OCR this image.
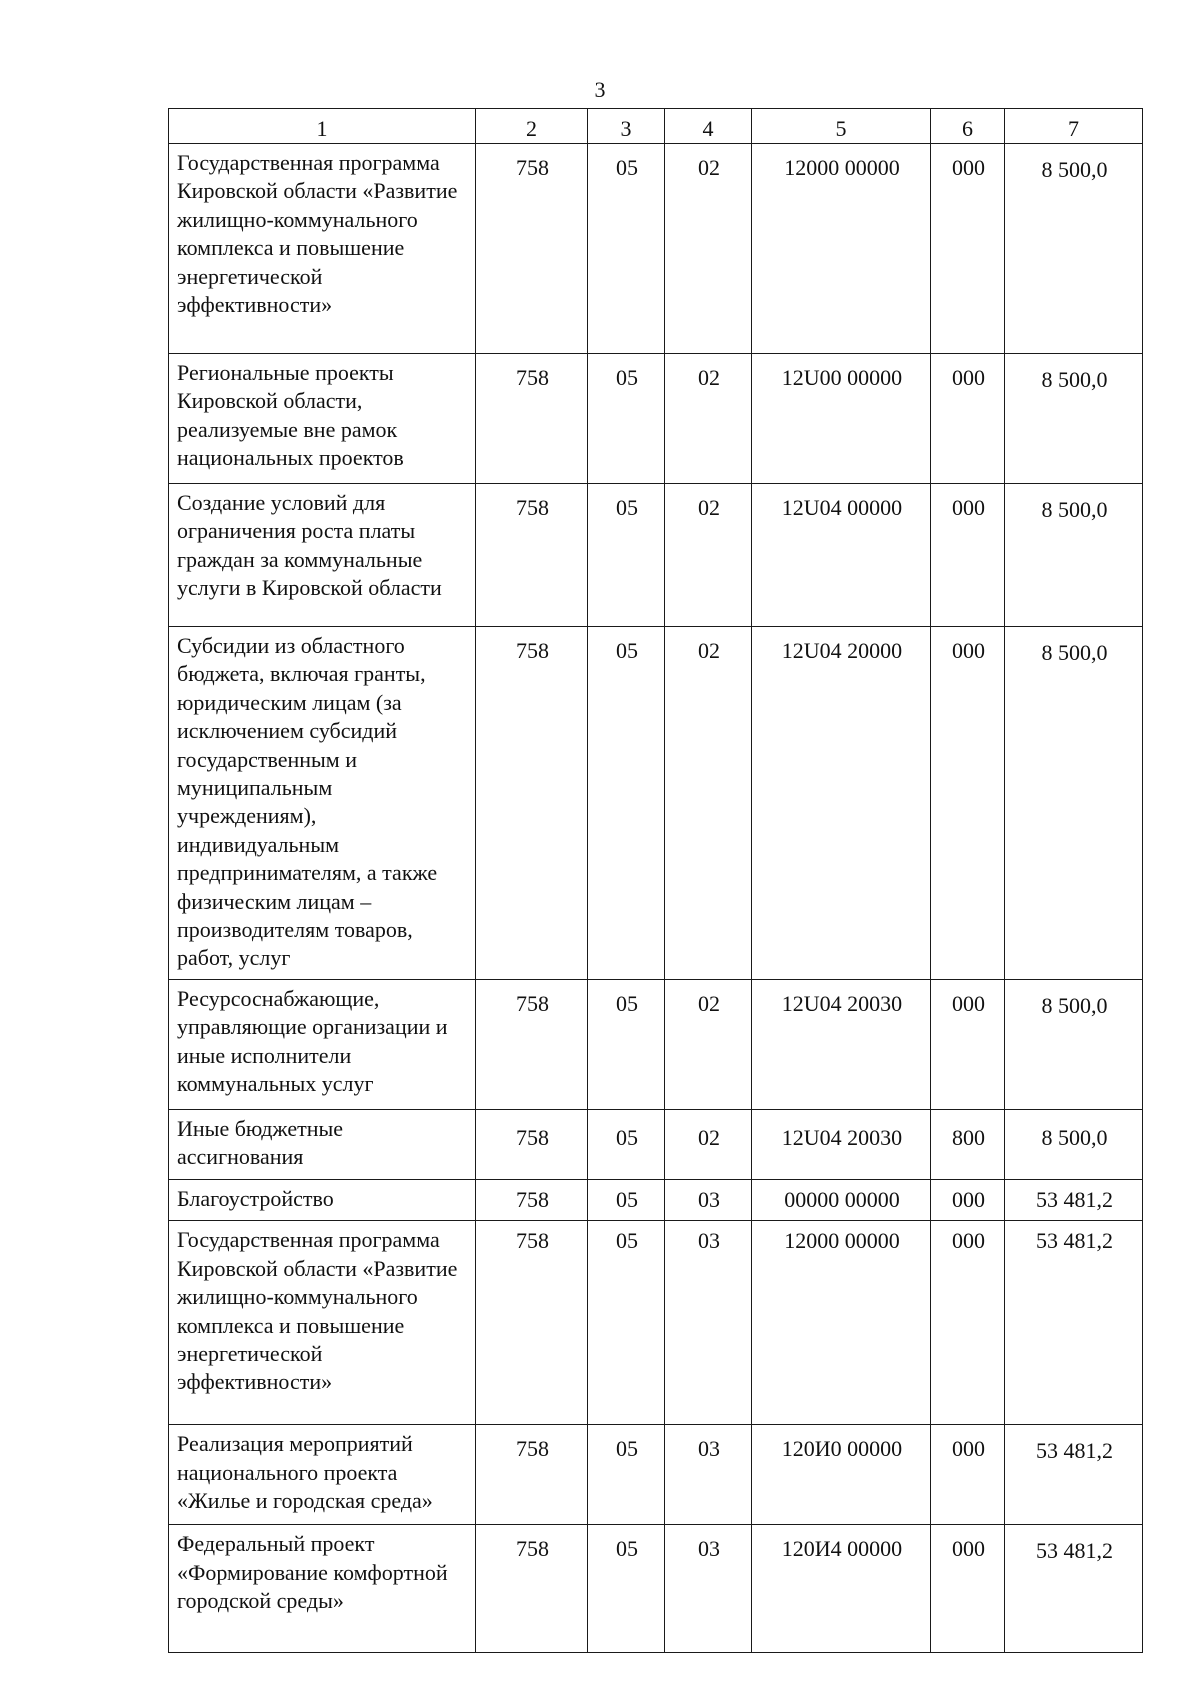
3
1	2	3	4	5	6	7
Государственная программа Кировской области «Развитие жилищно-коммунального комплекса и повышение энергетической эффективности»	758	05	02	12000 00000	000	8 500,0
Региональные проекты Кировской области, реализуемые вне рамок национальных проектов	758	05	02	12U00 00000	000	8 500,0
Создание условий для ограничения роста платы граждан за коммунальные услуги в Кировской области	758	05	02	12U04 00000	000	8 500,0
Субсидии из областного бюджета, включая гранты, юридическим лицам (за исключением субсидий государственным и муниципальным учреждениям), индивидуальным предпринимателям, а также физическим лицам – производителям товаров, работ, услуг	758	05	02	12U04 20000	000	8 500,0
Ресурсоснабжающие, управляющие организации и иные исполнители коммунальных услуг	758	05	02	12U04 20030	000	8 500,0
Иные бюджетные ассигнования	758	05	02	12U04 20030	800	8 500,0
Благоустройство	758	05	03	00000 00000	000	53 481,2
Государственная программа Кировской области «Развитие жилищно-коммунального комплекса и повышение энергетической эффективности»	758	05	03	12000 00000	000	53 481,2
Реализация мероприятий национального проекта «Жилье и городская среда»	758	05	03	120И0 00000	000	53 481,2
Федеральный проект «Формирование комфортной городской среды»	758	05	03	120И4 00000	000	53 481,2
